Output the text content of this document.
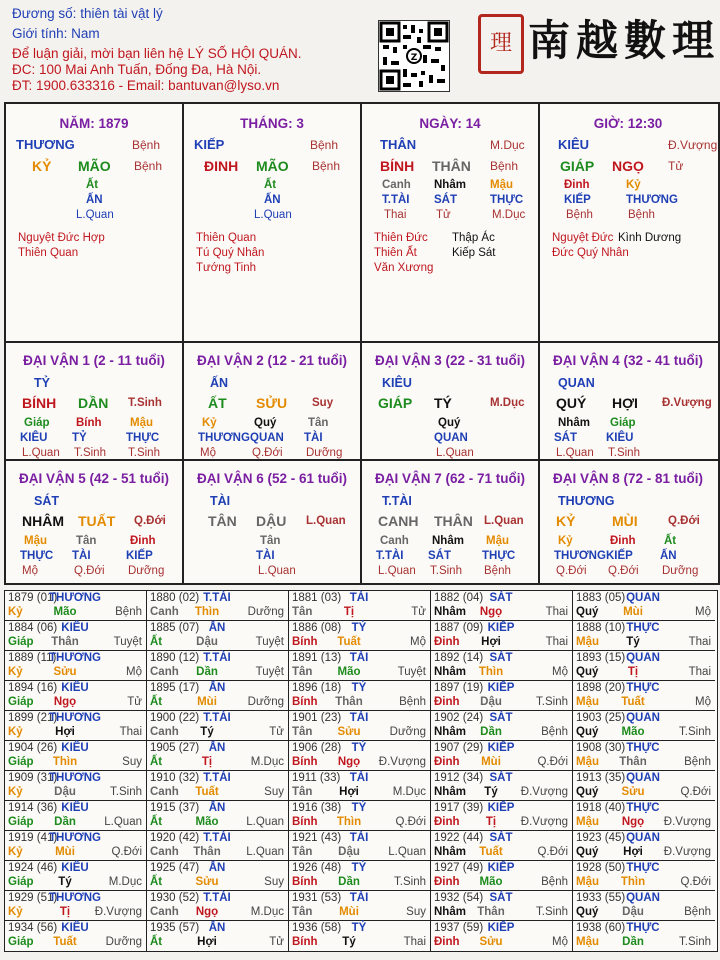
Đương số: thiên tài vật lý
Giới tính: Nam
Để luận giải, mời bạn liên hệ LÝ SỐ HỘI QUÁN.
ĐC: 100 Mai Anh Tuấn, Đống Đa, Hà Nội.
ĐT: 1900.633316 - Email: bantuvan@lyso.vn
Z
理 南越數理
NĂM: 1879
THƯƠNG	Bệnh
KỶ MÃO Bệnh
Ất
ẤN
L.Quan
Nguyệt Đức Hợp
Thiên Quan
THÁNG: 3
KIẾP	Bệnh
ĐINH MÃO Bệnh
Ất
ẤN
L.Quan
Thiên Quan
Tú Quý Nhân
Tướng Tinh
NGÀY: 14
THÂN	M.Dục
BÍNH THÂN Bệnh
Canh Nhâm Mậu
T.TÀI SÁT	THỰC
Thai	Tử	M.Dục
Thiên Đức
Thiên Ất
Văn Xương
Thập Ác
Kiếp Sát
GIỜ: 12:30
KIÊU	Đ.Vượng
GIÁP NGỌ Tử
Đinh	Kỷ
KIẾP	THƯƠNG
Bệnh	Bệnh
Nguyệt Đức
Đức Quý Nhân
Kình Dương
ĐẠI VẬN 1 (2 - 11 tuổi)
TỶ
BÍNH DẦN T.Sinh
Giáp Bính Mậu
KIÊU TỶ	THỰC
L.Quan T.Sinh T.Sinh
ĐẠI VẬN 2 (12 - 21 tuổi)
ẤN
ẤT SỬU Suy
Kỷ	Quý	Tân
THƯƠNG QUAN TÀI
Mộ	Q.Đới Dưỡng
ĐẠI VẬN 3 (22 - 31 tuổi)
KIÊU
GIÁP TÝ	M.Dục
Quý
QUAN
L.Quan
ĐẠI VẬN 4 (32 - 41 tuổi)
QUAN
QUÝ HỢI Đ.Vượng
Nhâm Giáp
SÁT	KIÊU
L.Quan T.Sinh
ĐẠI VẬN 5 (42 - 51 tuổi)
SÁT
NHÂM TUẤT Q.Đới
Mậu	Tân	Đinh
THỰC TÀI	KIẾP
Mộ	Q.Đới Dưỡng
ĐẠI VẬN 6 (52 - 61 tuổi)
TÀI
TÂN DẬU L.Quan
Tân
TÀI
L.Quan
ĐẠI VẬN 7 (62 - 71 tuổi)
T.TÀI
CANH THÂN L.Quan
Canh Nhâm Mậu
T.TÀI SÁT	THỰC
L.Quan T.Sinh Bệnh
ĐẠI VẬN 8 (72 - 81 tuổi)
THƯƠNG
KỶ	MÙI	Q.Đới
Kỷ	Đinh Ất
THƯƠNG KIẾP ẤN
Q.Đới Q.Đới Dưỡng
1879 (01)
THƯƠNG
Kỷ	Mão	Bệnh
1880 (02) T.TÀI
Canh Thìn Dưỡng
1881 (03) TÀI
Tân	Tị	Tử
1882 (04) SÁT
Nhâm Ngọ	Thai
1883 (05) QUAN
Quý Mùi	Mộ
1884 (06) KIÊU
Giáp Thân	Tuyệt
1885 (07) ẤN
Ất	Dậu	Tuyệt
1886 (08) TỶ
Bính Tuất	Mộ
1887 (09) KIẾP
Đinh Hợi	Thai
1888 (10) THỰC
Mậu Tý	Thai
1889 (11)
THƯƠNG
Kỷ	Sửu	Mộ
1890 (12) T.TÀI
Canh Dần	Tuyệt
1891 (13) TÀI
Tân Mão	Tuyệt
1892 (14) SÁT
Nhâm Thìn	Mộ
1893 (15) QUAN
Quý	Tị	Thai
1894 (16) KIÊU
Giáp Ngọ	Tử
1895 (17) ẤN
Ất	Mùi	Dưỡng
1896 (18) TỶ
Bính Thân	Bệnh
1897 (19) KIẾP
Đinh Dậu	T.Sinh
1898 (20) THỰC
Mậu Tuất	Mộ
1899 (21)
THƯƠNG
Kỷ	Hợi	Thai
1900 (22) T.TÀI
Canh Tý	Tử
1901 (23) TÀI
Tân Sửu	Dưỡng
1902 (24) SÁT
Nhâm Dần	Bệnh
1903 (25) QUAN
Quý Mão	T.Sinh
1904 (26) KIÊU
Giáp Thìn	Suy
1905 (27) ẤN
Ất	Tị	M.Dục
1906 (28) TỶ
Bính Ngọ Đ.Vượng
1907 (29) KIẾP
Đinh Mùi	Q.Đới
1908 (30) THỰC
Mậu Thân	Bệnh
1909 (31)
THƯƠNG
Kỷ	Dậu	T.Sinh
1910 (32) T.TÀI
Canh Tuất	Suy
1911 (33) TÀI
Tân Hợi	M.Dục
1912 (34) SÁT
Nhâm Tý Đ.Vượng
1913 (35) QUAN
Quý Sửu	Q.Đới
1914 (36) KIÊU
Giáp Dần L.Quan
1915 (37) ẤN
Ất	Mão L.Quan
1916 (38) TỶ
Bính Thìn	Q.Đới
1917 (39) KIẾP
Đinh Tị Đ.Vượng
1918 (40) THỰC
Mậu Ngọ Đ.Vượng
1919 (41)
THƯƠNG
Kỷ	Mùi	Q.Đới
1920 (42) T.TÀI
Canh Thân L.Quan
1921 (43) TÀI
Tân Dậu L.Quan
1922 (44) SÁT
Nhâm Tuất	Q.Đới
1923 (45) QUAN
Quý Hợi Đ.Vượng
1924 (46) KIÊU
Giáp Tý	M.Dục
1925 (47) ẤN
Ất	Sửu	Suy
1926 (48) TỶ
Bính Dần	T.Sinh
1927 (49) KIẾP
Đinh Mão	Bệnh
1928 (50) THỰC
Mậu Thìn	Q.Đới
1929 (51)
THƯƠNG
Kỷ	Tị Đ.Vượng
1930 (52) T.TÀI
Canh Ngọ	M.Dục
1931 (53) TÀI
Tân Mùi	Suy
1932 (54) SÁT
Nhâm Thân	T.Sinh
1933 (55) QUAN
Quý Dậu	Bệnh
1934 (56) KIÊU
Giáp Tuất	Dưỡng
1935 (57) ẤN
Ất	Hợi	Tử
1936 (58) TỶ
Bính Tý	Thai
1937 (59) KIẾP
Đinh Sửu	Mộ
1938 (60) THỰC
Mậu Dần	T.Sinh
